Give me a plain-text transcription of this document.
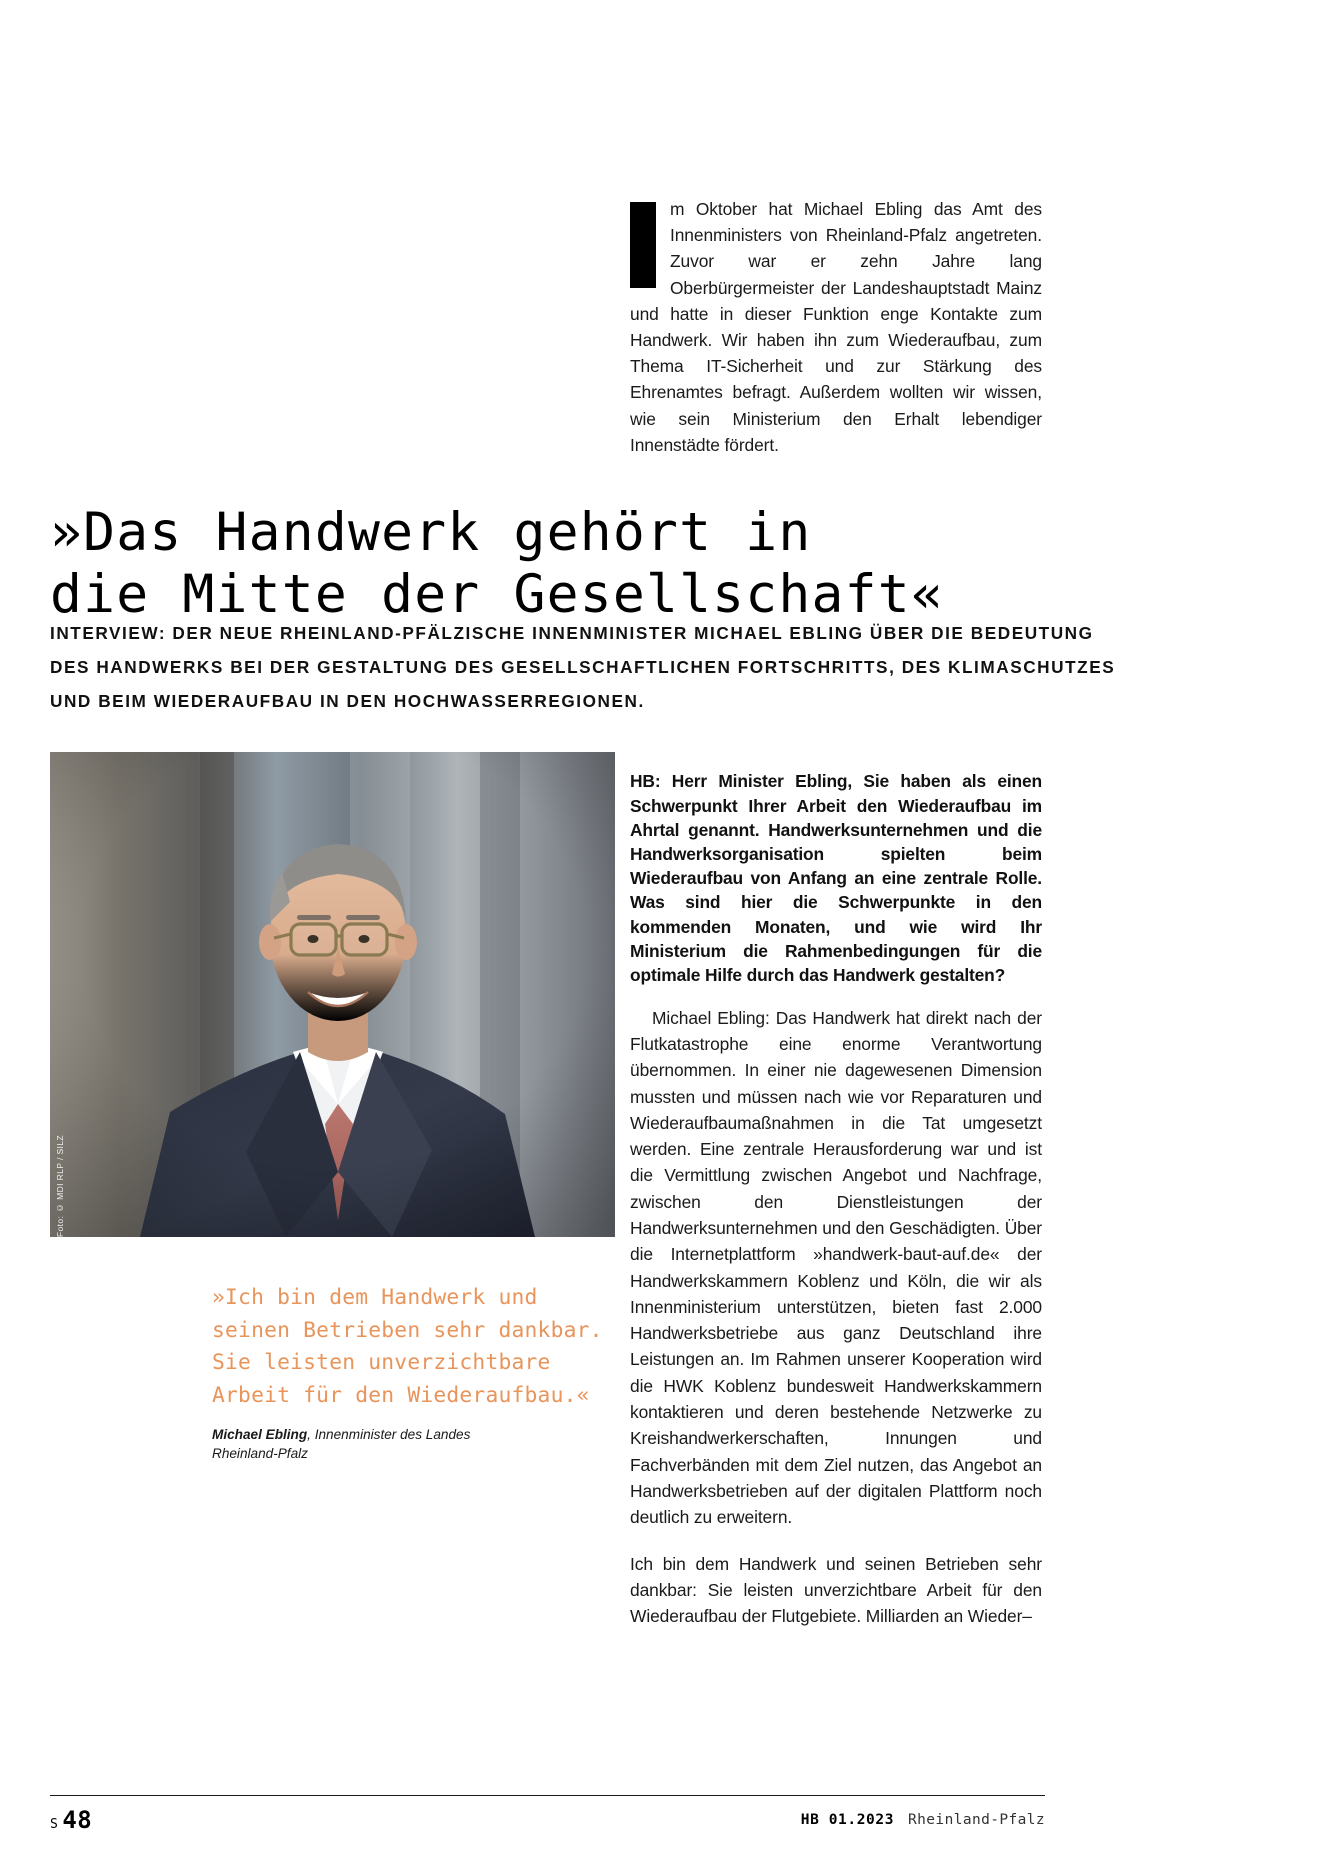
m Oktober hat Michael Ebling das Amt des Innenministers von Rheinland-Pfalz angetreten. Zuvor war er zehn Jahre lang Oberbürgermeister der Landeshauptstadt Mainz und hatte in dieser Funktion enge Kontakte zum Handwerk. Wir haben ihn zum Wiederaufbau, zum Thema IT-Sicherheit und zur Stärkung des Ehrenamtes befragt. Außerdem wollten wir wissen, wie sein Ministerium den Erhalt lebendiger Innenstädte fördert.
»Das Handwerk gehört in
die Mitte der Gesellschaft«
INTERVIEW: DER NEUE RHEINLAND-PFÄLZISCHE INNENMINISTER MICHAEL EBLING ÜBER DIE BEDEUTUNG
DES HANDWERKS BEI DER GESTALTUNG DES GESELLSCHAFTLICHEN FORTSCHRITTS, DES KLIMASCHUTZES
UND BEIM WIEDERAUFBAU IN DEN HOCHWASSERREGIONEN.
Foto: © MDI RLP / SILZ
»Ich bin dem Handwerk und
seinen Betrieben sehr dankbar.
Sie leisten unverzichtbare
Arbeit für den Wiederaufbau.«
Michael Ebling, Innenminister des Landes
Rheinland-Pfalz

HB: Herr Minister Ebling, Sie haben als einen Schwerpunkt Ihrer Arbeit den Wiederaufbau im Ahrtal genannt. Handwerksunternehmen und die Handwerksorganisation spielten beim Wiederaufbau von Anfang an eine zentrale Rolle. Was sind hier die Schwerpunkte in den kommenden Monaten, und wie wird Ihr Ministerium die Rahmenbedingungen für die optimale Hilfe durch das Handwerk gestalten?

Michael Ebling: Das Handwerk hat direkt nach der Flutkatastrophe eine enorme Verantwortung übernommen. In einer nie dagewesenen Dimension mussten und müssen nach wie vor Reparaturen und Wiederaufbaumaßnahmen in die Tat umgesetzt werden. Eine zentrale Herausforderung war und ist die Vermittlung zwischen Angebot und Nachfrage, zwischen den Dienstleistungen der Handwerksunternehmen und den Geschädigten. Über die Internetplattform »handwerk-baut-auf.de« der Handwerkskammern Koblenz und Köln, die wir als Innenministerium unterstützen, bieten fast 2.000 Handwerksbetriebe aus ganz Deutschland ihre Leistungen an. Im Rahmen unserer Kooperation wird die HWK Koblenz bundesweit Handwerkskammern kontaktieren und deren bestehende Netzwerke zu Kreishandwerkerschaften, Innungen und Fachverbänden mit dem Ziel nutzen, das Angebot an Handwerksbetrieben auf der digitalen Plattform noch deutlich zu erweitern.

Ich bin dem Handwerk und seinen Betrieben sehr dankbar: Sie leisten unverzichtbare Arbeit für den Wiederaufbau der Flutgebiete. Milliarden an Wieder–

S 48	HB 01.2023 Rheinland-Pfalz
